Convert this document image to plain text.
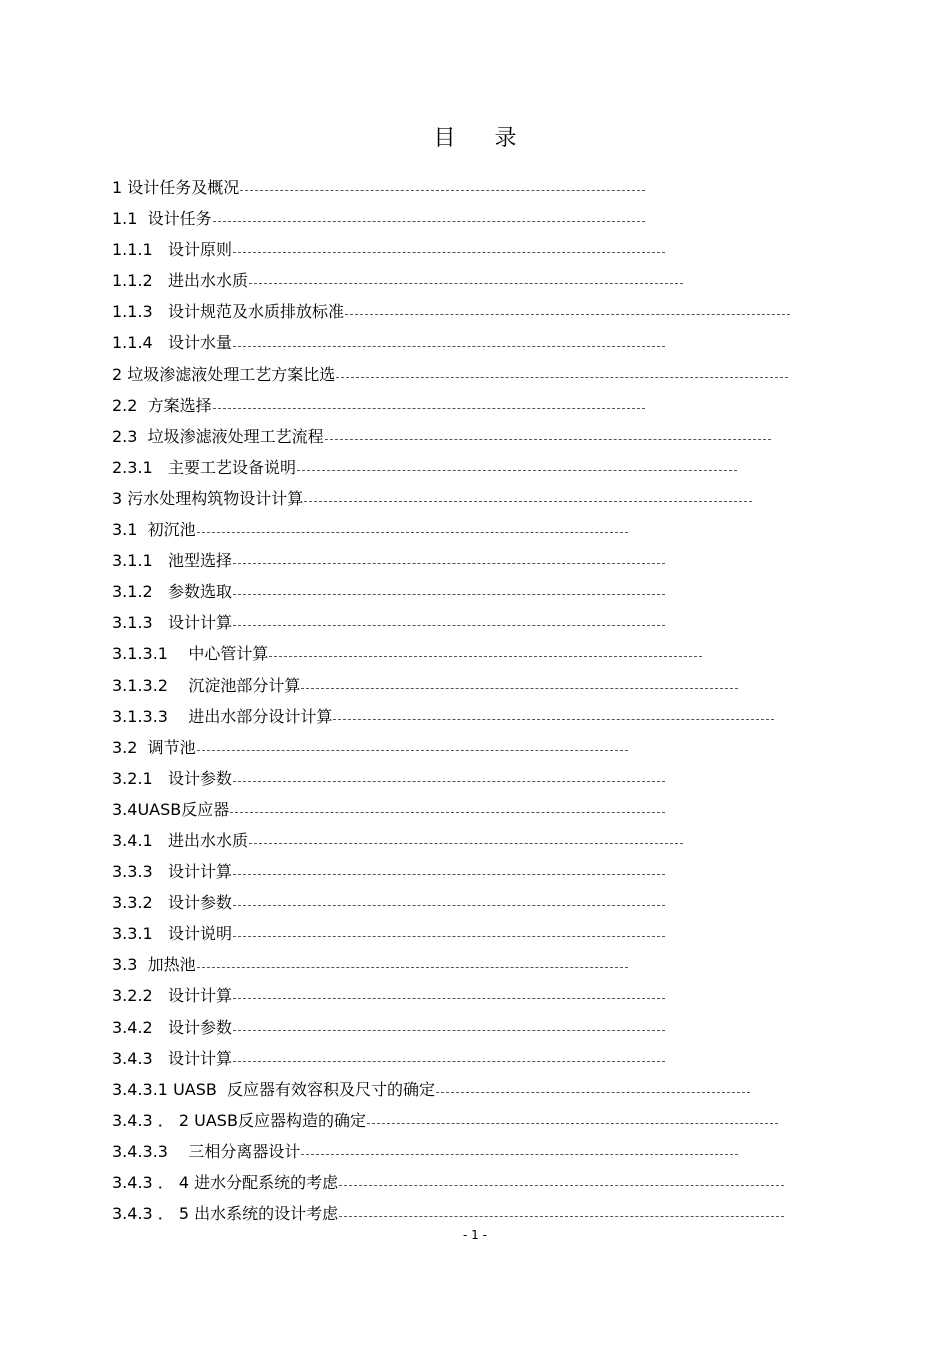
目 录
1 设计任务及概况
1.1  设计任务
1.1.1   设计原则
1.1.2   进出水水质
1.1.3   设计规范及水质排放标准
1.1.4   设计水量
2 垃圾渗滤液处理工艺方案比选
2.2  方案选择
2.3  垃圾渗滤液处理工艺流程
2.3.1   主要工艺设备说明
3 污水处理构筑物设计计算
3.1  初沉池
3.1.1   池型选择
3.1.2   参数选取
3.1.3   设计计算
3.1.3.1    中心管计算
3.1.3.2    沉淀池部分计算
3.1.3.3    进出水部分设计计算
3.2  调节池
3.2.1   设计参数
3.4UASB反应器
3.4.1   进出水水质
3.3.3   设计计算
3.3.2   设计参数
3.3.1   设计说明
3.3  加热池
3.2.2   设计计算
3.4.2   设计参数
3.4.3   设计计算
3.4.3.1 UASB  反应器有效容积及尺寸的确定
3.4.3 ． 2 UASB反应器构造的确定
3.4.3.3    三相分离器设计
3.4.3 ． 4 进水分配系统的考虑
3.4.3 ． 5 出水系统的设计考虑
- 1 -
